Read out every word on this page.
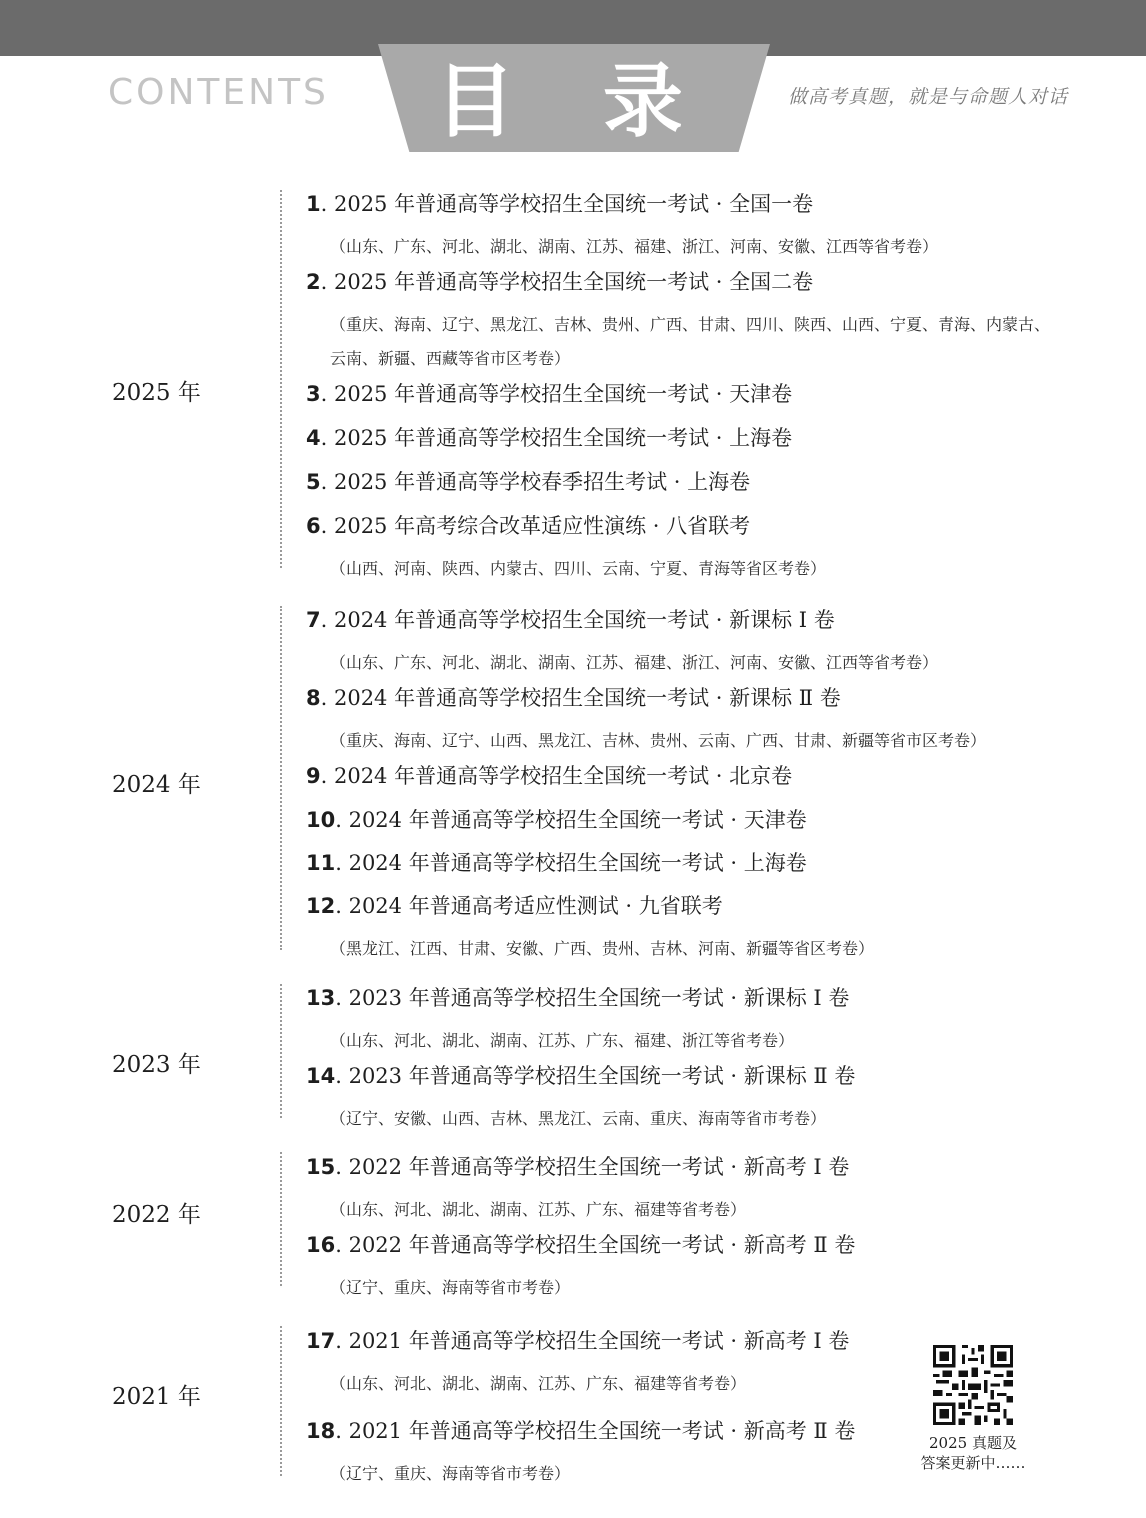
目 录
CONTENTS	做高考真题，就是与命题人对话
2025 年
1. 2025 年普通高等学校招生全国统一考试 · 全国一卷
（山东、广东、河北、湖北、湖南、江苏、福建、浙江、河南、安徽、江西等省考卷）
2. 2025 年普通高等学校招生全国统一考试 · 全国二卷
（重庆、海南、辽宁、黑龙江、吉林、贵州、广西、甘肃、四川、陕西、山西、宁夏、青海、内蒙古、云南、新疆、西藏等省市区考卷）
3. 2025 年普通高等学校招生全国统一考试 · 天津卷
4. 2025 年普通高等学校招生全国统一考试 · 上海卷
5. 2025 年普通高等学校春季招生考试 · 上海卷
6. 2025 年高考综合改革适应性演练 · 八省联考
（山西、河南、陕西、内蒙古、四川、云南、宁夏、青海等省区考卷）
2024 年
7. 2024 年普通高等学校招生全国统一考试 · 新课标 Ⅰ 卷
（山东、广东、河北、湖北、湖南、江苏、福建、浙江、河南、安徽、江西等省考卷）
8. 2024 年普通高等学校招生全国统一考试 · 新课标 Ⅱ 卷
（重庆、海南、辽宁、山西、黑龙江、吉林、贵州、云南、广西、甘肃、新疆等省市区考卷）
9. 2024 年普通高等学校招生全国统一考试 · 北京卷
10. 2024 年普通高等学校招生全国统一考试 · 天津卷
11. 2024 年普通高等学校招生全国统一考试 · 上海卷
12. 2024 年普通高考适应性测试 · 九省联考
（黑龙江、江西、甘肃、安徽、广西、贵州、吉林、河南、新疆等省区考卷）
2023 年
13. 2023 年普通高等学校招生全国统一考试 · 新课标 Ⅰ 卷
（山东、河北、湖北、湖南、江苏、广东、福建、浙江等省考卷）
14. 2023 年普通高等学校招生全国统一考试 · 新课标 Ⅱ 卷
（辽宁、安徽、山西、吉林、黑龙江、云南、重庆、海南等省市考卷）
2022 年
15. 2022 年普通高等学校招生全国统一考试 · 新高考 Ⅰ 卷
（山东、河北、湖北、湖南、江苏、广东、福建等省考卷）
16. 2022 年普通高等学校招生全国统一考试 · 新高考 Ⅱ 卷
（辽宁、重庆、海南等省市考卷）
2021 年
17. 2021 年普通高等学校招生全国统一考试 · 新高考 Ⅰ 卷
（山东、河北、湖北、湖南、江苏、广东、福建等省考卷）
18. 2021 年普通高等学校招生全国统一考试 · 新高考 Ⅱ 卷
（辽宁、重庆、海南等省市考卷）
2025 真题及
答案更新中……
